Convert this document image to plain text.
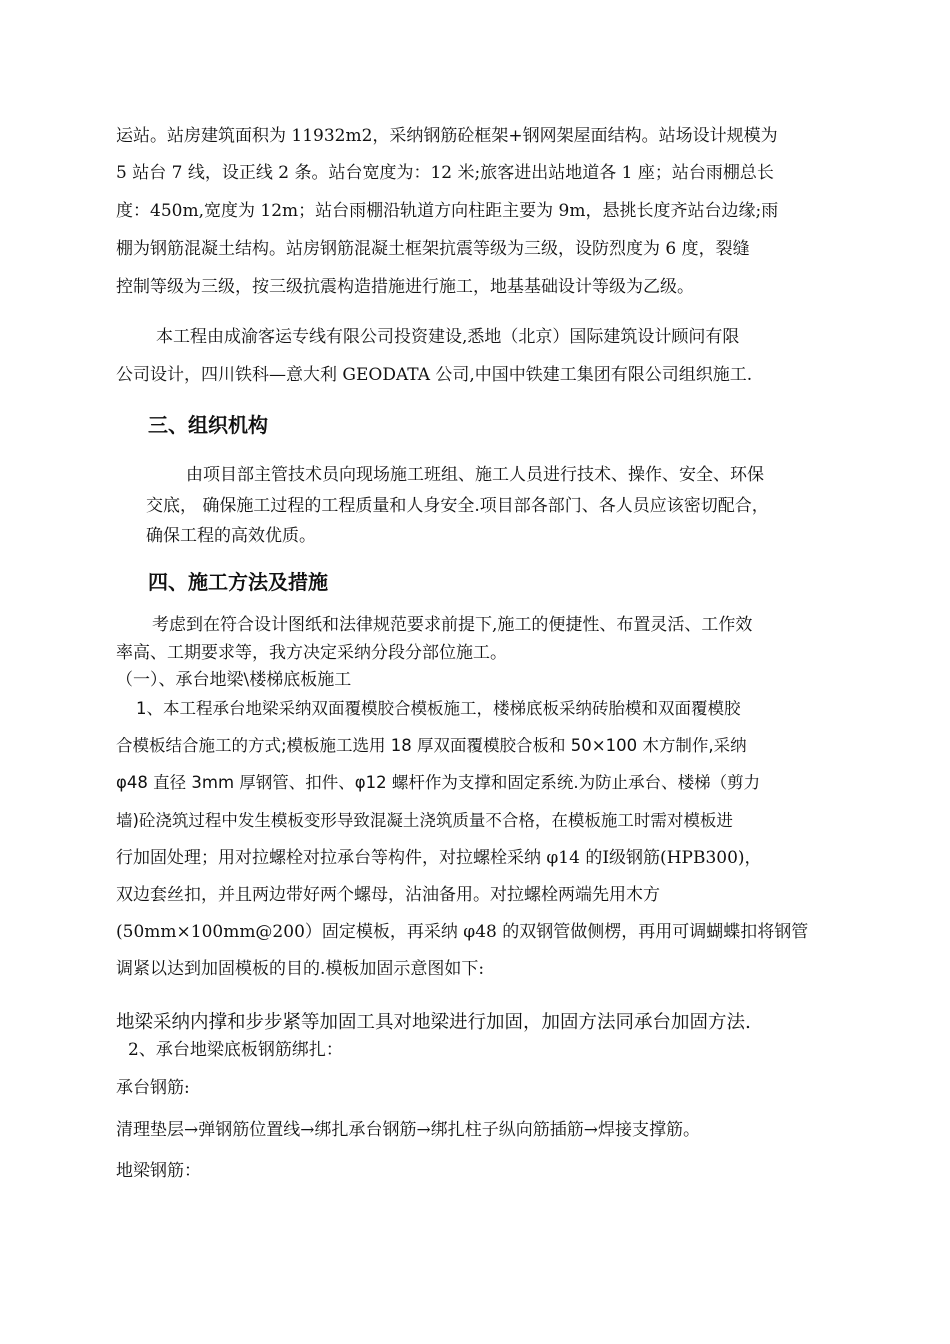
运站。站房建筑面积为 11932m2，采纳钢筋砼框架+钢网架屋面结构。站场设计规模为
5 站台 7 线，设正线 2 条。站台宽度为：12 米;旅客进出站地道各 1 座；站台雨棚总长
度：450m,宽度为 12m；站台雨棚沿轨道方向柱距主要为 9m，悬挑长度齐站台边缘;雨
棚为钢筋混凝土结构。站房钢筋混凝土框架抗震等级为三级，设防烈度为 6 度，裂缝
控制等级为三级，按三级抗震构造措施进行施工，地基基础设计等级为乙级。
本工程由成渝客运专线有限公司投资建设,悉地（北京）国际建筑设计顾问有限
公司设计，四川铁科—意大利 GEODATA 公司,中国中铁建工集团有限公司组织施工.
三、组织机构
由项目部主管技术员向现场施工班组、施工人员进行技术、操作、安全、环保
交底， 确保施工过程的工程质量和人身安全.项目部各部门、各人员应该密切配合，
确保工程的高效优质。
四、施工方法及措施
考虑到在符合设计图纸和法律规范要求前提下,施工的便捷性、布置灵活、工作效
率高、工期要求等，我方决定采纳分段分部位施工。
（一）、承台地梁\楼梯底板施工
1、本工程承台地梁采纳双面覆模胶合模板施工，楼梯底板采纳砖胎模和双面覆模胶
合模板结合施工的方式;模板施工选用 18 厚双面覆模胶合板和 50×100 木方制作,采纳
φ48 直径 3mm 厚钢管、扣件、φ12 螺杆作为支撑和固定系统.为防止承台、楼梯（剪力
墙)砼浇筑过程中发生模板变形导致混凝土浇筑质量不合格，在模板施工时需对模板进
行加固处理；用对拉螺栓对拉承台等构件，对拉螺栓采纳 φ14 的Ⅰ级钢筋(HPB300)，
双边套丝扣，并且两边带好两个螺母，沾油备用。对拉螺栓两端先用木方
(50mm×100mm@200）固定模板，再采纳 φ48 的双钢管做侧楞，再用可调蝴蝶扣将钢管
调紧以达到加固模板的目的.模板加固示意图如下:
地梁采纳内撑和步步紧等加固工具对地梁进行加固，加固方法同承台加固方法.
2、承台地梁底板钢筋绑扎：
承台钢筋:
清理垫层→弹钢筋位置线→绑扎承台钢筋→绑扎柱子纵向筋插筋→焊接支撑筋。
地梁钢筋：
